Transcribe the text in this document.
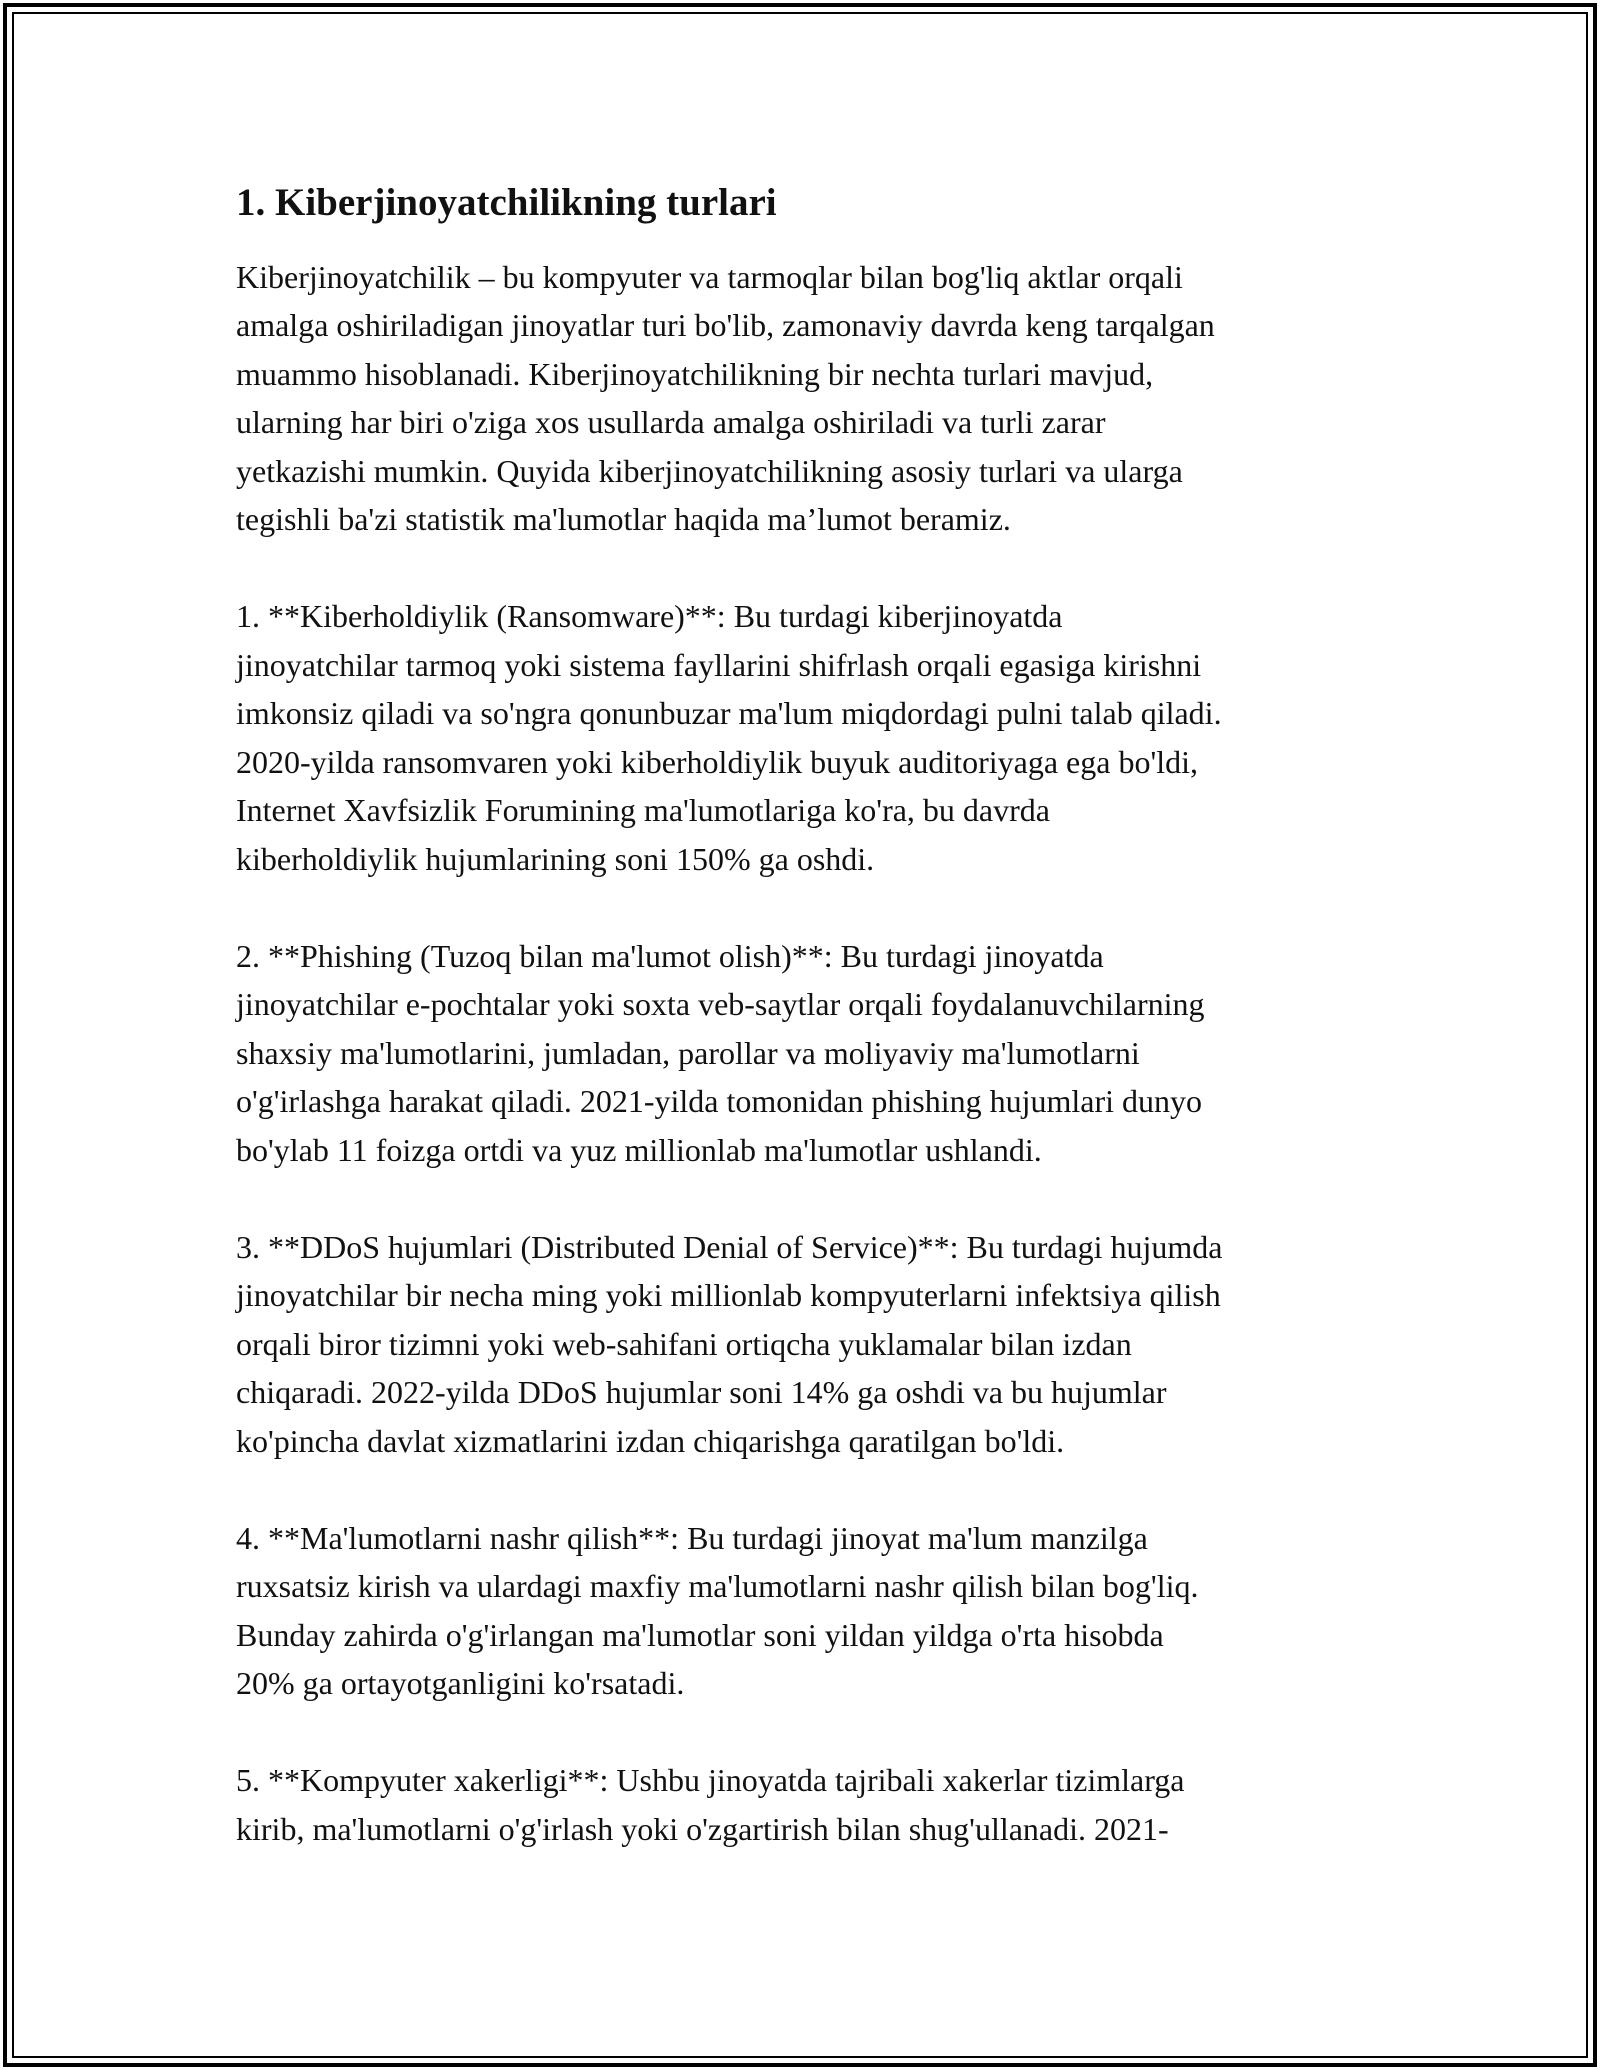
1. Kiberjinoyatchilikning turlari

Kiberjinoyatchilik – bu kompyuter va tarmoqlar bilan bog'liq aktlar orqali
amalga oshiriladigan jinoyatlar turi bo'lib, zamonaviy davrda keng tarqalgan
muammo hisoblanadi. Kiberjinoyatchilikning bir nechta turlari mavjud,
ularning har biri o'ziga xos usullarda amalga oshiriladi va turli zarar
yetkazishi mumkin. Quyida kiberjinoyatchilikning asosiy turlari va ularga
tegishli ba'zi statistik ma'lumotlar haqida ma’lumot beramiz.

1. **Kiberholdiylik (Ransomware)**: Bu turdagi kiberjinoyatda
jinoyatchilar tarmoq yoki sistema fayllarini shifrlash orqali egasiga kirishni
imkonsiz qiladi va so'ngra qonunbuzar ma'lum miqdordagi pulni talab qiladi.
2020-yilda ransomvaren yoki kiberholdiylik buyuk auditoriyaga ega bo'ldi,
Internet Xavfsizlik Forumining ma'lumotlariga ko'ra, bu davrda
kiberholdiylik hujumlarining soni 150% ga oshdi.

2. **Phishing (Tuzoq bilan ma'lumot olish)**: Bu turdagi jinoyatda
jinoyatchilar e-pochtalar yoki soxta veb-saytlar orqali foydalanuvchilarning
shaxsiy ma'lumotlarini, jumladan, parollar va moliyaviy ma'lumotlarni
o'g'irlashga harakat qiladi. 2021-yilda tomonidan phishing hujumlari dunyo
bo'ylab 11 foizga ortdi va yuz millionlab ma'lumotlar ushlandi.

3. **DDoS hujumlari (Distributed Denial of Service)**: Bu turdagi hujumda
jinoyatchilar bir necha ming yoki millionlab kompyuterlarni infektsiya qilish
orqali biror tizimni yoki web-sahifani ortiqcha yuklamalar bilan izdan
chiqaradi. 2022-yilda DDoS hujumlar soni 14% ga oshdi va bu hujumlar
ko'pincha davlat xizmatlarini izdan chiqarishga qaratilgan bo'ldi.

4. **Ma'lumotlarni nashr qilish**: Bu turdagi jinoyat ma'lum manzilga
ruxsatsiz kirish va ulardagi maxfiy ma'lumotlarni nashr qilish bilan bog'liq.
Bunday zahirda o'g'irlangan ma'lumotlar soni yildan yildga o'rta hisobda
20% ga ortayotganligini ko'rsatadi.

5. **Kompyuter xakerligi**: Ushbu jinoyatda tajribali xakerlar tizimlarga
kirib, ma'lumotlarni o'g'irlash yoki o'zgartirish bilan shug'ullanadi. 2021-
